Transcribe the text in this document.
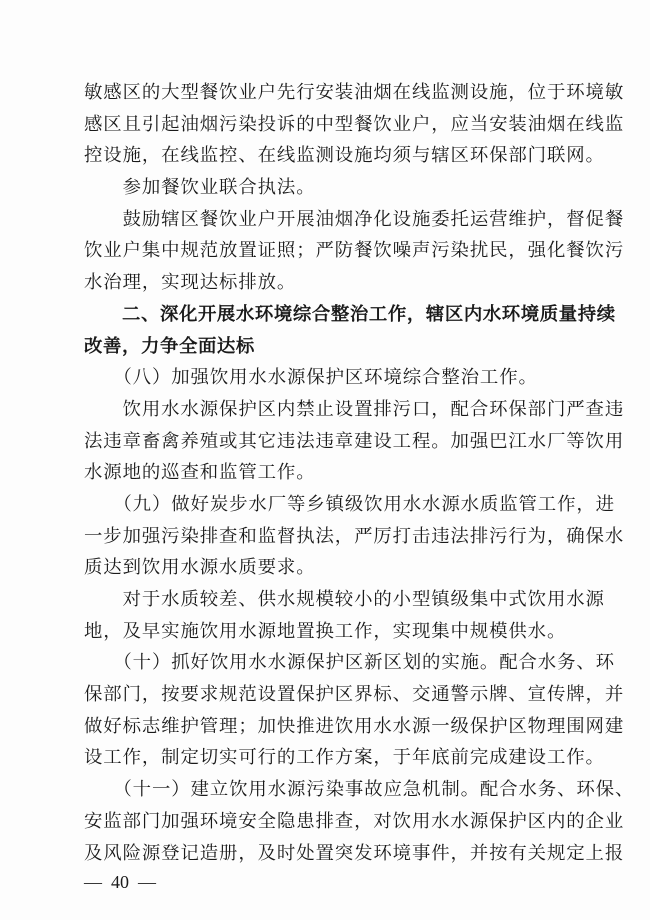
敏感区的大型餐饮业户先行安装油烟在线监测设施，位于环境敏
感区且引起油烟污染投诉的中型餐饮业户，应当安装油烟在线监
控设施，在线监控、在线监测设施均须与辖区环保部门联网。
　　参加餐饮业联合执法。
　　鼓励辖区餐饮业户开展油烟净化设施委托运营维护，督促餐
饮业户集中规范放置证照；严防餐饮噪声污染扰民，强化餐饮污
水治理，实现达标排放。
　　二、深化开展水环境综合整治工作，辖区内水环境质量持续
改善，力争全面达标
　　（八）加强饮用水水源保护区环境综合整治工作。
　　饮用水水源保护区内禁止设置排污口，配合环保部门严查违
法违章畜禽养殖或其它违法违章建设工程。加强巴江水厂等饮用
水源地的巡查和监管工作。
　　（九）做好炭步水厂等乡镇级饮用水水源水质监管工作，进
一步加强污染排查和监督执法，严厉打击违法排污行为，确保水
质达到饮用水源水质要求。
　　对于水质较差、供水规模较小的小型镇级集中式饮用水源
地，及早实施饮用水源地置换工作，实现集中规模供水。
　　（十）抓好饮用水水源保护区新区划的实施。配合水务、环
保部门，按要求规范设置保护区界标、交通警示牌、宣传牌，并
做好标志维护管理；加快推进饮用水水源一级保护区物理围网建
设工作，制定切实可行的工作方案，于年底前完成建设工作。
　　（十一）建立饮用水源污染事故应急机制。配合水务、环保、
安监部门加强环境安全隐患排查，对饮用水水源保护区内的企业
及风险源登记造册，及时处置突发环境事件，并按有关规定上报
—  40  —
